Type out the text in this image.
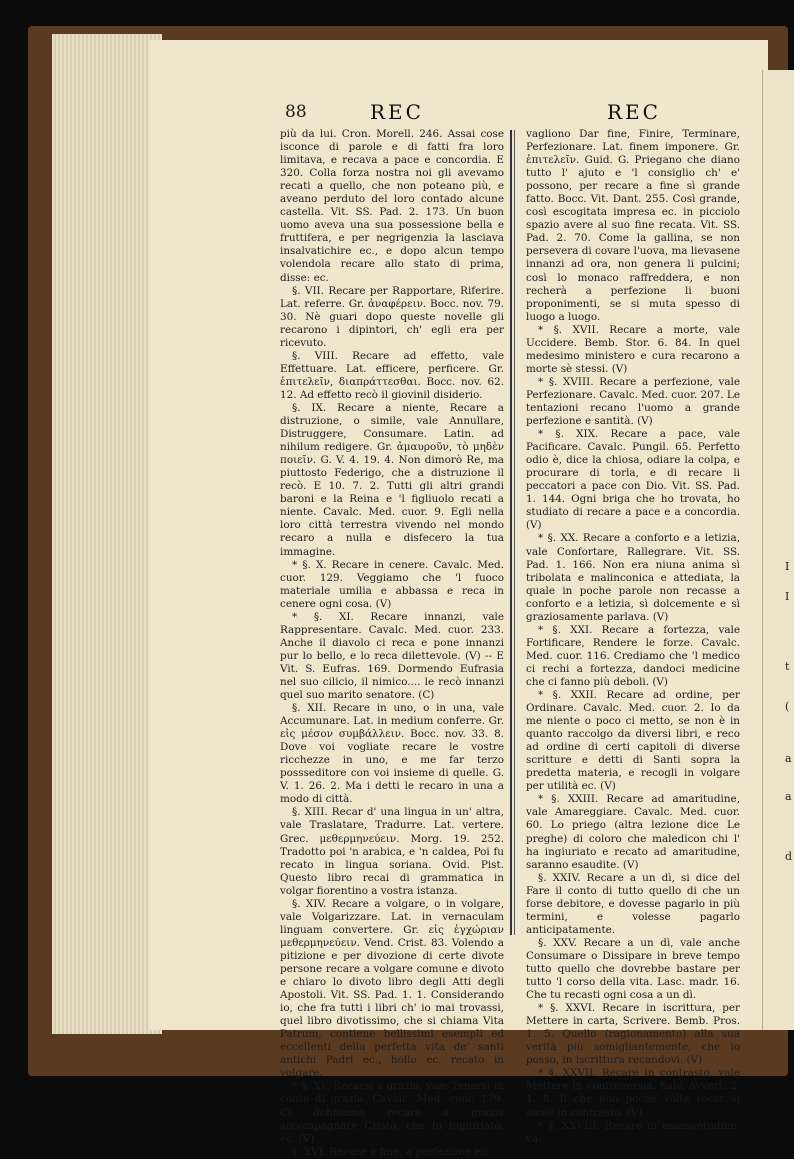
I
I
t
(
a
a
d
88	REC	REC

più da lui. Cron. Morell. 246. Assai cose isconce di parole e di fatti fra loro limitava, e recava a pace e concordia. E 320. Colla forza nostra noi gli avevamo recati a quello, che non poteano più, e aveano perduto del loro contado alcune castella. Vit. SS. Pad. 2. 173. Un buon uomo aveva una sua possessione bella e fruttifera, e per negrigenzia la lasciava insalvatichire ec., e dopo alcun tempo volendola recare allo stato di prima, disse: ec.

§. VII. Recare per Rapportare, Riferire. Lat. referre. Gr. ἀναφέρειν. Bocc. nov. 79. 30. Nè guari dopo queste novelle gli recarono i dipintori, ch' egli era per ricevuto.

§. VIII. Recare ad effetto, vale Effettuare. Lat. efficere, perficere. Gr. ἐπιτελεῖν, διαπράττεσθαι. Bocc. nov. 62. 12. Ad effetto recò il giovinil disiderio.

§. IX. Recare a niente, Recare a distruzione, o simile, vale Annullare, Distruggere, Consumare. Latin. ad nihilum redigere. Gr. ἀμαυροῦν, τὸ μηδὲν ποιεῖν. G. V. 4. 19. 4. Non dimorò Re, ma piuttosto Federigo, che a distruzione il recò. E 10. 7. 2. Tutti gli altri grandi baroni e la Reina e 'l figliuolo recati a niente. Cavalc. Med. cuor. 9. Egli nella loro città terrestra vivendo nel mondo recaro a nulla e disfecero la tua immagine.

* §. X. Recare in cenere. Cavalc. Med. cuor. 129. Veggiamo che 'l fuoco materiale umilia e abbassa e reca in cenere ogni cosa. (V)

* §. XI. Recare innanzi, vale Rappresentare. Cavalc. Med. cuor. 233. Anche il diavolo ci reca e pone innanzi pur lo bello, e lo reca dilettevole. (V) -- E Vit. S. Eufras. 169. Dormendo Eufrasia nel suo cilicio, il nimico.... le recò innanzi quel suo marito senatore. (C)

§. XII. Recare in uno, o in una, vale Accumunare. Lat. in medium conferre. Gr. εἰς μέσον συμβάλλειν. Bocc. nov. 33. 8. Dove voi vogliate recare le vostre ricchezze in uno, e me far terzo possseditore con voi insieme di quelle. G. V. 1. 26. 2. Ma i detti le recaro in una a modo di città.

§. XIII. Recar d' una lingua in un' altra, vale Traslatare, Tradurre. Lat. vertere. Grec. μεθερμηνεύειν. Morg. 19. 252. Tradotto poi 'n arabica, e 'n caldea, Poi fu recato in lingua soriana. Ovid. Pist. Questo libro recai di grammatica in volgar fiorentino a vostra istanza.

§. XIV. Recare a volgare, o in volgare, vale Volgarizzare. Lat. in vernaculam linguam convertere. Gr. εἰς ἐγχώριαν μεθερμηνεύειν. Vend. Crist. 83. Volendo a pitizione e per divozione di certe divote persone recare a volgare comune e divoto e chiaro lo divoto libro degli Atti degli Apostoli. Vit. SS. Pad. 1. 1. Considerando io, che fra tutti i libri ch' io mai trovassi, quel libro divotissimo, che si chiama Vita Patrum, contiene bellissimi esempli ed eccellenti della perfetta vita de' santi antichi Padri ec., hollo ec. recato in volgare.

* §. XV. Recarsi a grazia, vale Tenersi in conto di grazia. Cavalc. Med. cuor. 179. Ci dobbiamo recare a grazia accompagnare Cristo, che fu ingiuriato, ec. (V)

§. XVI. Recare a fine, a perfezione ec.,

vagliono Dar fine, Finire, Terminare, Perfezionare. Lat. finem imponere. Gr. ἐπιτελεῖν. Guid. G. Priegano che diano tutto l' ajuto e 'l consiglio ch' e' possono, per recare a fine sì grande fatto. Bocc. Vit. Dant. 255. Così grande, così escogitata impresa ec. in picciolo spazio avere al suo fine recata. Vit. SS. Pad. 2. 70. Come la gallina, se non persevera di covare l'uova, ma lievasene innanzi ad ora, non genera li pulcini; così lo monaco raffreddera, e non recherà a perfezione li buoni proponimenti, se si muta spesso di luogo a luogo.

* §. XVII. Recare a morte, vale Uccidere. Bemb. Stor. 6. 84. In quel medesimo ministero e cura recarono a morte sè stessi. (V)

* §. XVIII. Recare a perfezione, vale Perfezionare. Cavalc. Med. cuor. 207. Le tentazioni recano l'uomo a grande perfezione e santità. (V)

* §. XIX. Recare a pace, vale Pacificare. Cavalc. Pungil. 65. Perfetto odio è, dice la chiosa, odiare la colpa, e procurare di torla, e di recare li peccatori a pace con Dio. Vit. SS. Pad. 1. 144. Ogni briga che ho trovata, ho studiato di recare a pace e a concordia. (V)

* §. XX. Recare a conforto e a letizia, vale Confortare, Rallegrare. Vit. SS. Pad. 1. 166. Non era niuna anima sì tribolata e malinconica e attediata, la quale in poche parole non recasse a conforto e a letizia, sì dolcemente e sì graziosamente parlava. (V)

* §. XXI. Recare a fortezza, vale Fortificare, Rendere le forze. Cavalc. Med. cuor. 116. Crediamo che 'l medico ci rechi a fortezza, dandoci medicine che ci fanno più deboli. (V)

* §. XXII. Recare ad ordine, per Ordinare. Cavalc. Med. cuor. 2. Io da me niente o poco ci metto, se non è in quanto raccolgo da diversi libri, e reco ad ordine di certi capitoli di diverse scritture e detti di Santi sopra la predetta materia, e recogli in volgare per utilità ec. (V)

* §. XXIII. Recare ad amaritudine, vale Amareggiare. Cavalc. Med. cuor. 60. Lo priego (altra lezione dice Le preghe) di coloro che maledicon chi l' ha ingiuriato e recato ad amaritudine, saranno esaudite. (V)

§. XXIV. Recare a un dì, si dice del Fare il conto di tutto quello di che un forse debitore, e dovesse pagarlo in più termini, e volesse pagarlo anticipatamente.

§. XXV. Recare a un dì, vale anche Consumare o Dissipare in breve tempo tutto quello che dovrebbe bastare per tutto 'l corso della vita. Lasc. madr. 16. Che tu recasti ogni cosa a un dì.

* §. XXVI. Recare in iscrittura, per Mettere in carta, Scrivere. Bemb. Pros. 1. 5. Quello (ragionamento) alla sua verità più somigliantemente, che io posso, in iscrittura recandovi. (V)

* §. XXVII. Recare in contrasto, vale Mettere in controversia. Salv. Avvert. 2. 1. 8. Il che non poche volte recar si suole in contrasto. (V)

* §. XXVIII. Recare in mansuetudine, va-
